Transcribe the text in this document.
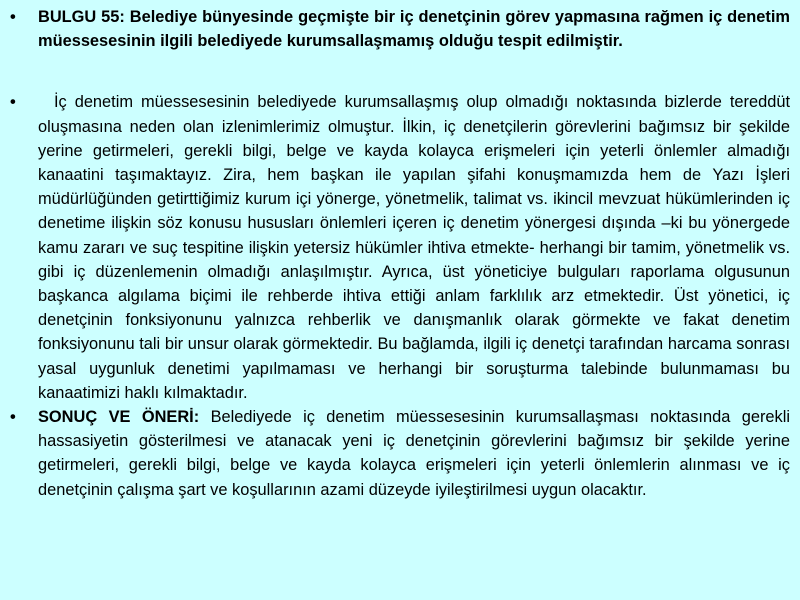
•	BULGU 55: Belediye bünyesinde geçmişte bir iç denetçinin görev yapmasına rağmen iç denetim müessesesinin ilgili belediyede kurumsallaşmamış olduğu tespit edilmiştir.
•	İç denetim müessesesinin belediyede kurumsallaşmış olup olmadığı noktasında bizlerde tereddüt oluşmasına neden olan izlenimlerimiz olmuştur. İlkin, iç denetçilerin görevlerini bağımsız bir şekilde yerine getirmeleri, gerekli bilgi, belge ve kayda kolayca erişmeleri için yeterli önlemler almadığı kanaatini taşımaktayız. Zira, hem başkan ile yapılan şifahi konuşmamızda hem de Yazı İşleri müdürlüğünden getirttiğimiz kurum içi yönerge, yönetmelik, talimat vs. ikincil mevzuat hükümlerinden iç denetime ilişkin söz konusu hususları önlemleri içeren iç denetim yönergesi dışında –ki bu yönergede kamu zararı ve suç tespitine ilişkin yetersiz hükümler ihtiva etmekte- herhangi bir tamim, yönetmelik vs. gibi iç düzenlemenin olmadığı anlaşılmıştır. Ayrıca, üst yöneticiye bulguları raporlama olgusunun başkanca algılama biçimi ile rehberde ihtiva ettiği anlam farklılık arz etmektedir. Üst yönetici, iç denetçinin fonksiyonunu yalnızca rehberlik ve danışmanlık olarak görmekte ve fakat denetim fonksiyonunu tali bir unsur olarak görmektedir. Bu bağlamda, ilgili iç denetçi tarafından harcama sonrası yasal uygunluk denetimi yapılmaması ve herhangi bir soruşturma talebinde bulunmaması bu kanaatimizi haklı kılmaktadır.
•	SONUÇ VE ÖNERİ: Belediyede iç denetim müessesesinin kurumsallaşması noktasında gerekli hassasiyetin gösterilmesi ve atanacak yeni iç denetçinin görevlerini bağımsız bir şekilde yerine getirmeleri, gerekli bilgi, belge ve kayda kolayca erişmeleri için yeterli önlemlerin alınması ve iç denetçinin çalışma şart ve koşullarının azami düzeyde iyileştirilmesi uygun olacaktır.
